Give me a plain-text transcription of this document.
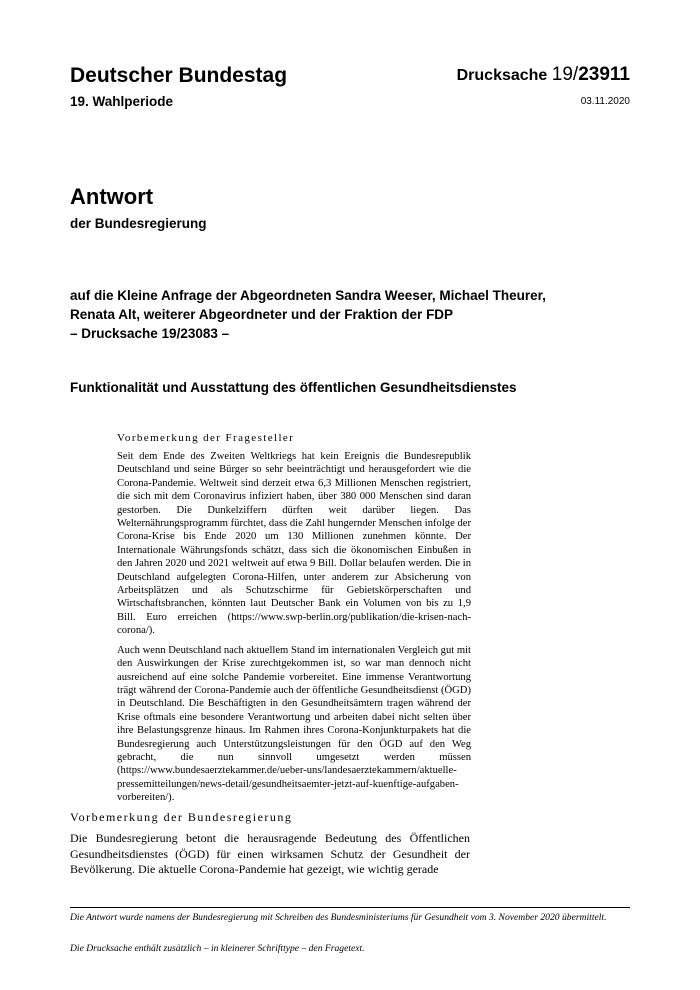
Deutscher Bundestag
19. Wahlperiode
Drucksache 19/23911
03.11.2020
Antwort
der Bundesregierung
auf die Kleine Anfrage der Abgeordneten Sandra Weeser, Michael Theurer,
Renata Alt, weiterer Abgeordneter und der Fraktion der FDP
– Drucksache 19/23083 –
Funktionalität und Ausstattung des öffentlichen Gesundheitsdienstes
Vorbemerkung der Fragesteller

Seit dem Ende des Zweiten Weltkriegs hat kein Ereignis die Bundesrepublik Deutschland und seine Bürger so sehr beeinträchtigt und herausgefordert wie die Corona-Pandemie. Weltweit sind derzeit etwa 6,3 Millionen Menschen registriert, die sich mit dem Coronavirus infiziert haben, über 380 000 Menschen sind daran gestorben. Die Dunkelziffern dürften weit darüber liegen. Das Welternährungsprogramm fürchtet, dass die Zahl hungernder Menschen infolge der Corona-Krise bis Ende 2020 um 130 Millionen zunehmen könnte. Der Internationale Währungsfonds schätzt, dass sich die ökonomischen Einbußen in den Jahren 2020 und 2021 weltweit auf etwa 9 Bill. Dollar belaufen werden. Die in Deutschland aufgelegten Corona-Hilfen, unter anderem zur Absicherung von Arbeitsplätzen und als Schutzschirme für Gebietskörperschaften und Wirtschaftsbranchen, könnten laut Deutscher Bank ein Volumen von bis zu 1,9 Bill. Euro erreichen (https://www.swp-berlin.org/publikation/die-krisen-nach-corona/).

Auch wenn Deutschland nach aktuellem Stand im internationalen Vergleich gut mit den Auswirkungen der Krise zurechtgekommen ist, so war man dennoch nicht ausreichend auf eine solche Pandemie vorbereitet. Eine immense Verantwortung trägt während der Corona-Pandemie auch der öffentliche Gesundheitsdienst (ÖGD) in Deutschland. Die Beschäftigten in den Gesundheitsämtern tragen während der Krise oftmals eine besondere Verantwortung und arbeiten dabei nicht selten über ihre Belastungsgrenze hinaus. Im Rahmen ihres Corona-Konjunkturpakets hat die Bundesregierung auch Unterstützungsleistungen für den ÖGD auf den Weg gebracht, die nun sinnvoll umgesetzt werden müssen (https://www.bundesaerztekammer.de/ueber-uns/landesaerztekammern/aktuelle-pressemitteilungen/news-detail/gesundheitsaemter-jetzt-auf-kuenftige-aufgaben-vorbereiten/).

Vorbemerkung der Bundesregierung

Die Bundesregierung betont die herausragende Bedeutung des Öffentlichen Gesundheitsdienstes (ÖGD) für einen wirksamen Schutz der Gesundheit der Bevölkerung. Die aktuelle Corona-Pandemie hat gezeigt, wie wichtig gerade

Die Antwort wurde namens der Bundesregierung mit Schreiben des Bundesministeriums für Gesundheit vom 3. November 2020 übermittelt.

Die Drucksache enthält zusätzlich – in kleinerer Schrifttype – den Fragetext.
